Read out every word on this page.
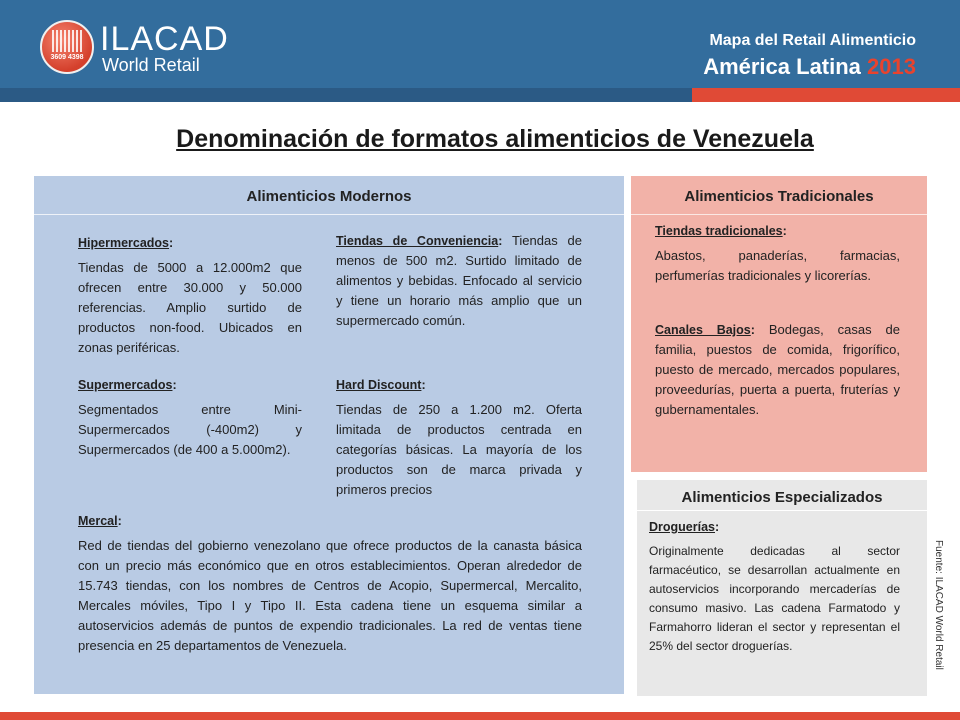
3609 4398 ILACAD
World Retail
Mapa del Retail Alimenticio
América Latina 2013
Denominación de formatos alimenticios de Venezuela
Alimenticios Modernos
Hipermercados:

Tiendas de 5000 a 12.000m2 que ofrecen entre 30.000 y 50.000 referencias. Amplio surtido de productos non-food. Ubicados en zonas periféricas.

Tiendas de Conveniencia: Tiendas de menos de 500 m2. Surtido limitado de alimentos y bebidas. Enfocado al servicio y tiene un horario más amplio que un supermercado común.

Supermercados:

Segmentados entre Mini-Supermercados (-400m2) y Supermercados (de 400 a 5.000m2).

Hard Discount:

Tiendas de 250 a 1.200 m2. Oferta limitada de productos centrada en categorías básicas. La mayoría de los productos son de marca privada y primeros precios

Mercal:

Red de tiendas del gobierno venezolano que ofrece productos de la canasta básica con un precio más económico que en otros establecimientos. Operan alrededor de 15.743 tiendas, con los nombres de Centros de Acopio, Supermercal, Mercalito, Mercales móviles, Tipo I y Tipo II. Esta cadena tiene un esquema similar a autoservicios además de puntos de expendio tradicionales. La red de ventas tiene presencia en 25 departamentos de Venezuela.

Alimenticios Tradicionales
Tiendas tradicionales:

Abastos, panaderías, farmacias, perfumerías tradicionales y licorerías.

Canales Bajos: Bodegas, casas de familia, puestos de comida, frigorífico, puesto de mercado, mercados populares, proveedurías, puerta a puerta, fruterías y gubernamentales.

Alimenticios Especializados
Droguerías:

Originalmente dedicadas al sector farmacéutico, se desarrollan actualmente en autoservicios incorporando mercaderías de consumo masivo. Las cadena Farmatodo y Farmahorro lideran el sector y representan el 25% del sector droguerías.	Fuente: ILACAD World Retail
